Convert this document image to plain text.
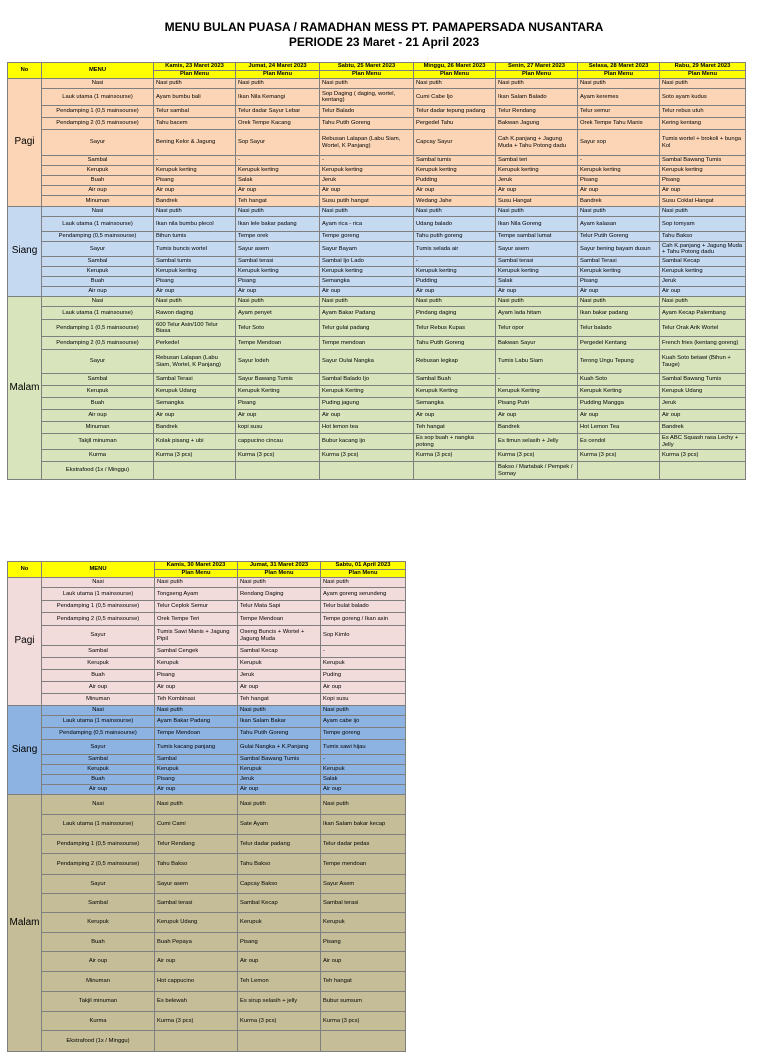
MENU BULAN PUASA / RAMADHAN MESS PT. PAMAPERSADA NUSANTARA
PERIODE 23 Maret - 21 April 2023
No	MENU	Kamis, 23 Maret 2023	Jumat, 24 Maret 2023	Sabtu, 25 Maret 2023	Minggu, 26 Maret 2023	Senin, 27 Maret 2023	Selasa, 28 Maret 2023	Rabu, 29 Maret 2023
		Plan Menu	Plan Menu	Plan Menu	Plan Menu	Plan Menu	Plan Menu	Plan Menu
Pagi	Nasi	Nasi putih	Nasi putih	Nasi putih	Nasi putih	Nasi putih	Nasi putih	Nasi putih
	Lauk utama (1 mainsourse)	Ayam bumbu bali	Ikan Nila Kemangi	Sop Daging ( daging, wortel, kentang)	Cumi Cabe Ijo	Ikan Salam Balado	Ayam keremes	Soto ayam kudus
	Pendamping 1 (0,5 mainsourse)	Telur sambal	Telur dadar Sayur Lebar	Telur Balado	Telur dadar tepung padang	Telur Rendang	Telur semur	Telur rebus utuh
	Pendamping 2 (0,5 mainsourse)	Tahu bacem	Orek Tempe Kacang	Tahu Putih Goreng	Pergedel Tahu	Bakwan Jagung	Orek Tempe Tahu Manis	Kering kentang
	Sayur	Bening Kelor & Jagung	Sop Sayur	Rebusan Lalapan (Labu Siam, Wortel, K Panjang)	Capcay Sayur	Cah K.panjang + Jagung Muda + Tahu Potong dadu	Sayur sop	Tumis wortel + brokoli + bunga Kol
	Sambal	-	-	-	Sambal tumis	Sambal teri	-	Sambal Bawang Tumis
	Kerupuk	Kerupuk kerting	Kerupuk kerting	Kerupuk kerting	Kerupuk kerting	Kerupuk kerting	Kerupuk kerting	Kerupuk kerting
	Buah	Pisang	Salak	Jeruk	Pudding	Jeruk	Pisang	Pisang
	Air oup	Air oup	Air oup	Air oup	Air oup	Air oup	Air oup	Air oup
	Minuman	Bandrek	Teh hangat	Susu putih hangat	Wedang Jahe	Susu Hangat	Bandrek	Susu Coklat Hangat
Siang	Nasi	Nasi putih	Nasi putih	Nasi putih	Nasi putih	Nasi putih	Nasi putih	Nasi putih
	Lauk utama (1 mainsourse)	Ikan nila bumbu plecol	Ikan lele bakar padang	Ayam rica - rica	Udang balado	Ikan Nila Goreng	Ayam kalasan	Sop tomyam
	Pendamping (0,5 mainsourse)	Bihun tumis	Tempe orek	Tempe goreng	Tahu putih goreng	Tempe sambal lumat	Telur Putih Goreng	Tahu Bakso
	Sayur	Tumis buncis wortel	Sayur asem	Sayur Bayam	Tumis selada air	Sayur asem	Sayur bening bayam dusun	Cah K.panjang + Jagung Muda + Tahu Potong dadu
	Sambal	Sambal tumis	Sambal terasi	Sambal Ijo Lado	-	Sambal terasi	Sambal Terasi	Sambal Kecap
	Kerupuk	Kerupuk kerting	Kerupuk kerting	Kerupuk kerting	Kerupuk kerting	Kerupuk kerting	Kerupuk kerting	Kerupuk kerting
	Buah	Pisang	Pisang	Semangka	Pudding	Salak	Pisang	Jeruk
	Air oup	Air oup	Air oup	Air oup	Air oup	Air oup	Air oup	Air oup
Malam	Nasi	Nasi putih	Nasi putih	Nasi putih	Nasi putih	Nasi putih	Nasi putih	Nasi putih
	Lauk utama (1 mainsourse)	Rawon daging	Ayam penyet	Ayam Bakar Padang	Pindang daging	Ayam lada hitam	Ikan bakar padang	Ayam Kecap Palembang
	Pendamping 1 (0,5 mainsourse)	600 Telur Asin/100 Telur Biasa	Telur Soto	Telur gulai padang	Telur Rebus Kupas	Telur opor	Telur balado	Telur Orak Arik Wortel
	Pendamping 2 (0,5 mainsourse)	Perkedel	Tempe Mendoan	Tempe mendoan	Tahu Putih Goreng	Bakwan Sayur	Pergedel Kentang	French fries (kentang goreng)
	Sayur	Rebusan Lalapan (Labu Siam, Wortel, K Panjang)	Sayur lodeh	Sayur Oulai Nangka	Rebusan legkap	Tumis Labu Siam	Terong Ungu Tepung	Kuah Soto betawi (Bihun + Tauge)
	Sambal	Sambal Terasi	Sayur Bawang Tumis	Sambal Balado Ijo	Sambal Buah	-	Kuah Soto	Sambal Bawang Tumis
	Kerupuk	Kerupuk Udang	Kerupuk Kerting	Kerupuk Kerting	Kerupuk Kerting	Kerupuk Kerting	Kerupuk Kerting	Kerupuk Udang
	Buah	Semangka	Pisang	Puding jagung	Semangka	Pisang Putri	Pudding Mangga	Jeruk
	Air oup	Air oup	Air oup	Air oup	Air oup	Air oup	Air oup	Air oup
	Minuman	Bandrek	kopi susu	Hot lemon tea	Teh hangat	Bandrek	Hot Lemon Tea	Bandrek
	Takjil minuman	Kolak pisang + ubi	cappucino cincau	Bubur kacang ijo	Es sop buah + nangka potong	Es timun selasih + Jelly	Es cendol	Es ABC Squash rasa Lechy + Jelly
	Kurma	Kurma (3 pcs)	Kurma (3 pcs)	Kurma (3 pcs)	Kurma (3 pcs)	Kurma (3 pcs)	Kurma (3 pcs)	Kurma (3 pcs)
	Ekstrafood (1x / Minggu)					Bakso / Martabak / Pempek / Somay		
No	MENU	Kamis, 30 Maret 2023	Jumat, 31 Maret 2023	Sabtu, 01 April 2023
		Plan Menu	Plan Menu	Plan Menu
Pagi	Nasi	Nasi putih	Nasi putih	Nasi putih
	Lauk utama (1 mainsourse)	Tongseng Ayam	Rendang Daging	Ayam goreng serundeng
	Pendamping 1 (0,5 mainsourse)	Telur Ceplok Semur	Telur Mata Sapi	Telur bulat balado
	Pendamping 2 (0,5 mainsourse)	Orek Tempe Teri	Tempe Mendoan	Tempe goreng / Ikan asin
	Sayur	Tumis Sawi Manis + Jagung Pipil	Oseng Buncis + Wortel + Jagung Muda	Sop Kimlo
	Sambal	Sambal Cengek	Sambal Kecap	-
	Kerupuk	Kerupuk	Kerupuk	Kerupuk
	Buah	Pisang	Jeruk	Puding
	Air oup	Air oup	Air oup	Air oup
	Minuman	Teh Kombinasi	Teh hangat	Kopi susu
Siang	Nasi	Nasi putih	Nasi putih	Nasi putih
	Lauk utama (1 mainsourse)	Ayam Bakar Padang	Ikan Salam Bakar	Ayam cabe ijo
	Pendamping (0,5 mainsourse)	Tempe Mendoan	Tahu Putih Goreng	Tempe goreng
	Sayur	Tumis kacang panjang	Gulai Nangka + K.Panjang	Tumis sawi hijau
	Sambal	Sambal	Sambal Bawang Tumis	-
	Kerupuk	Kerupuk	Kerupuk	Kerupuk
	Buah	Pisang	Jeruk	Salak
	Air oup	Air oup	Air oup	Air oup
Malam	Nasi	Nasi putih	Nasi putih	Nasi putih
	Lauk utama (1 mainsourse)	Cumi Cami	Sate Ayam	Ikan Salam bakar kecap
	Pendamping 1 (0,5 mainsourse)	Telur Rendang	Telur dadar padang	Telur dadar pedas
	Pendamping 2 (0,5 mainsourse)	Tahu Bakso	Tahu Bakso	Tempe mendoan
	Sayur	Sayur asem	Capcay Bakso	Sayur Asem
	Sambal	Sambal terasi	Sambal Kecap	Sambal terasi
	Kerupuk	Kerupuk Udang	Kerupuk	Kerupuk
	Buah	Buah Pepaya	Pisang	Pisang
	Air oup	Air oup	Air oup	Air oup
	Minuman	Hot cappucino	Teh Lemon	Teh hangat
	Takjil minuman	Es belewah	Es sirup selasih + jelly	Bubur sumsum
	Kurma	Kurma (3 pcs)	Kurma (3 pcs)	Kurma (3 pcs)
	Ekstrafood (1x / Minggu)			
